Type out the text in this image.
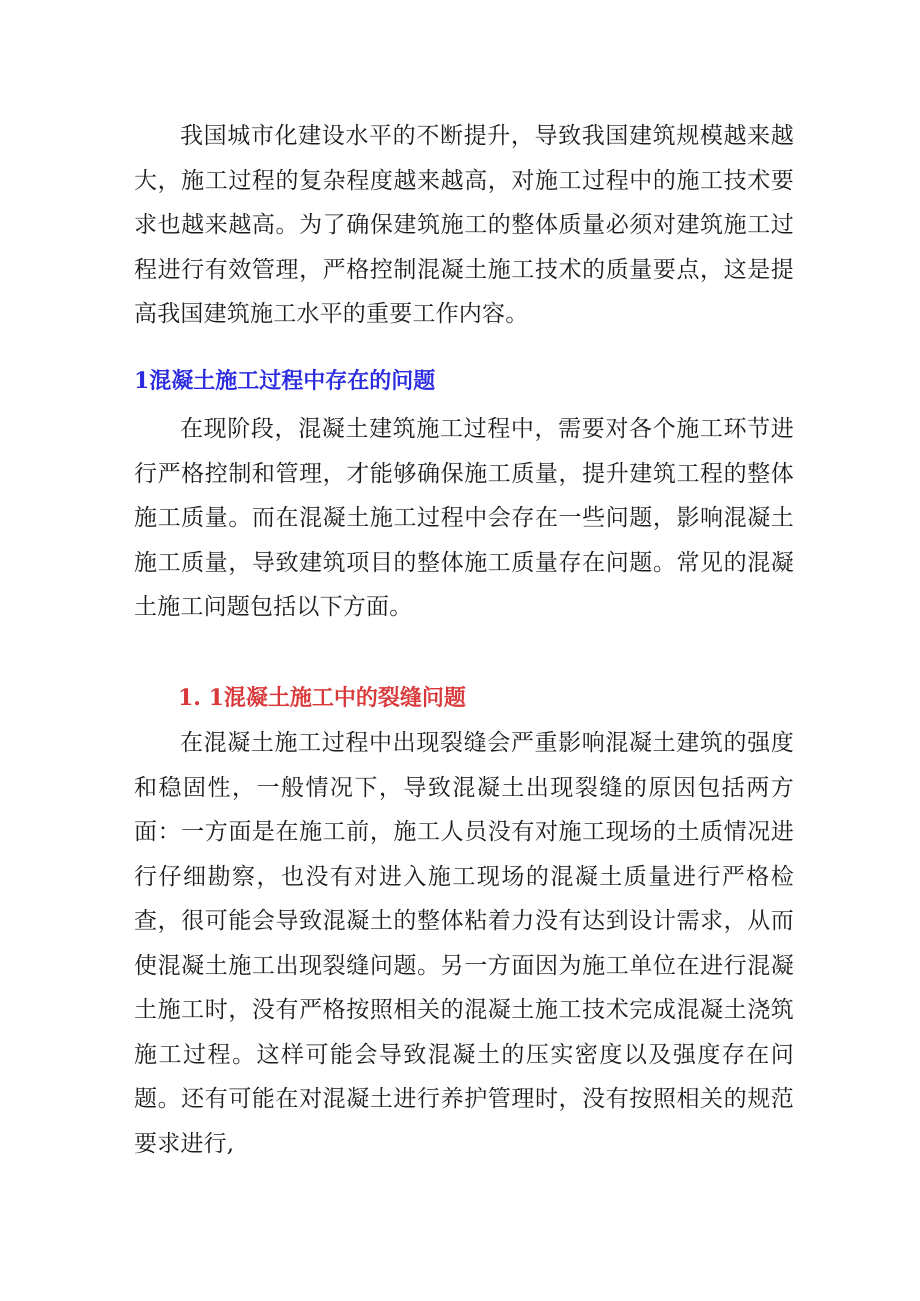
我国城市化建设水平的不断提升，导致我国建筑规模越来越大，施工过程的复杂程度越来越高，对施工过程中的施工技术要求也越来越高。为了确保建筑施工的整体质量必须对建筑施工过程进行有效管理，严格控制混凝土施工技术的质量要点，这是提高我国建筑施工水平的重要工作内容。

1混凝土施工过程中存在的问题

在现阶段，混凝土建筑施工过程中，需要对各个施工环节进行严格控制和管理，才能够确保施工质量，提升建筑工程的整体施工质量。而在混凝土施工过程中会存在一些问题，影响混凝土施工质量，导致建筑项目的整体施工质量存在问题。常见的混凝土施工问题包括以下方面。

1. 1混凝土施工中的裂缝问题

在混凝土施工过程中出现裂缝会严重影响混凝土建筑的强度和稳固性，一般情况下，导致混凝土出现裂缝的原因包括两方面：一方面是在施工前，施工人员没有对施工现场的土质情况进行仔细勘察，也没有对进入施工现场的混凝土质量进行严格检查，很可能会导致混凝土的整体粘着力没有达到设计需求，从而使混凝土施工出现裂缝问题。另一方面因为施工单位在进行混凝土施工时，没有严格按照相关的混凝土施工技术完成混凝土浇筑施工过程。这样可能会导致混凝土的压实密度以及强度存在问题。还有可能在对混凝土进行养护管理时，没有按照相关的规范要求进行,
